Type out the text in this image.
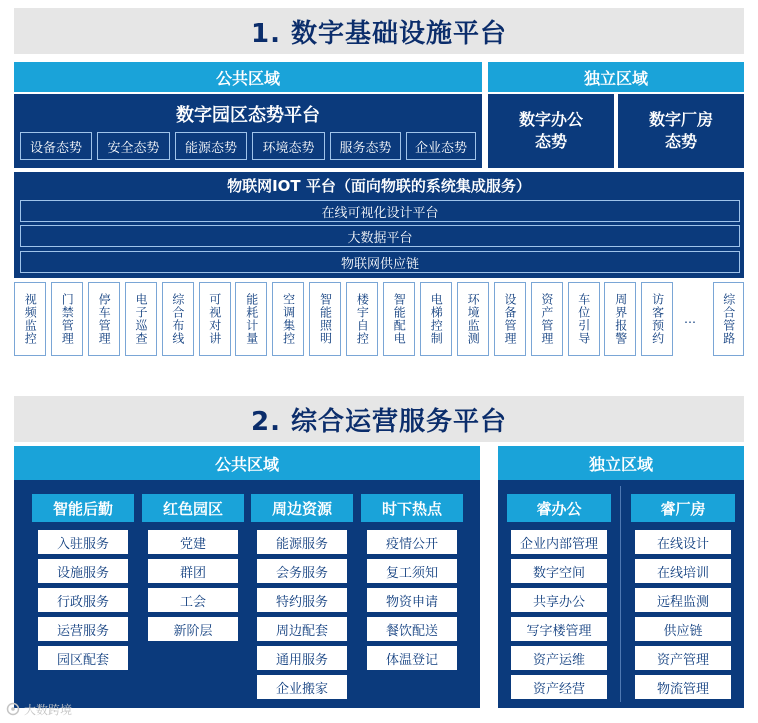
1. 数字基础设施平台
公共区域	独立区域
数字园区态势平台
设备态势	安全态势	能源态势	环境态势	服务态势	企业态势
数字办公
态势
数字厂房
态势
物联网IOT 平台（面向物联的系统集成服务）
在线可视化设计平台
大数据平台
物联网供应链
视频监控 门禁管理 停车管理 电子巡查 综合布线 可视对讲 能耗计量 空调集控 智能照明 楼宇自控 智能配电 电梯控制 环境监测 设备管理 资产管理 车位引导 周界报警 访客预约	…	综合管路
2. 综合运营服务平台
公共区域	独立区域
智能后勤
入驻服务
设施服务
行政服务
运营服务
园区配套
红色园区
党建
群团
工会
新阶层
周边资源
能源服务
会务服务
特约服务
周边配套
通用服务
企业搬家
时下热点
疫情公开
复工须知
物资申请
餐饮配送
体温登记
睿办公
企业内部管理
数字空间
共享办公
写字楼管理
资产运维
资产经营
睿厂房
在线设计
在线培训
远程监测
供应链
资产管理
物流管理
大数跨境
